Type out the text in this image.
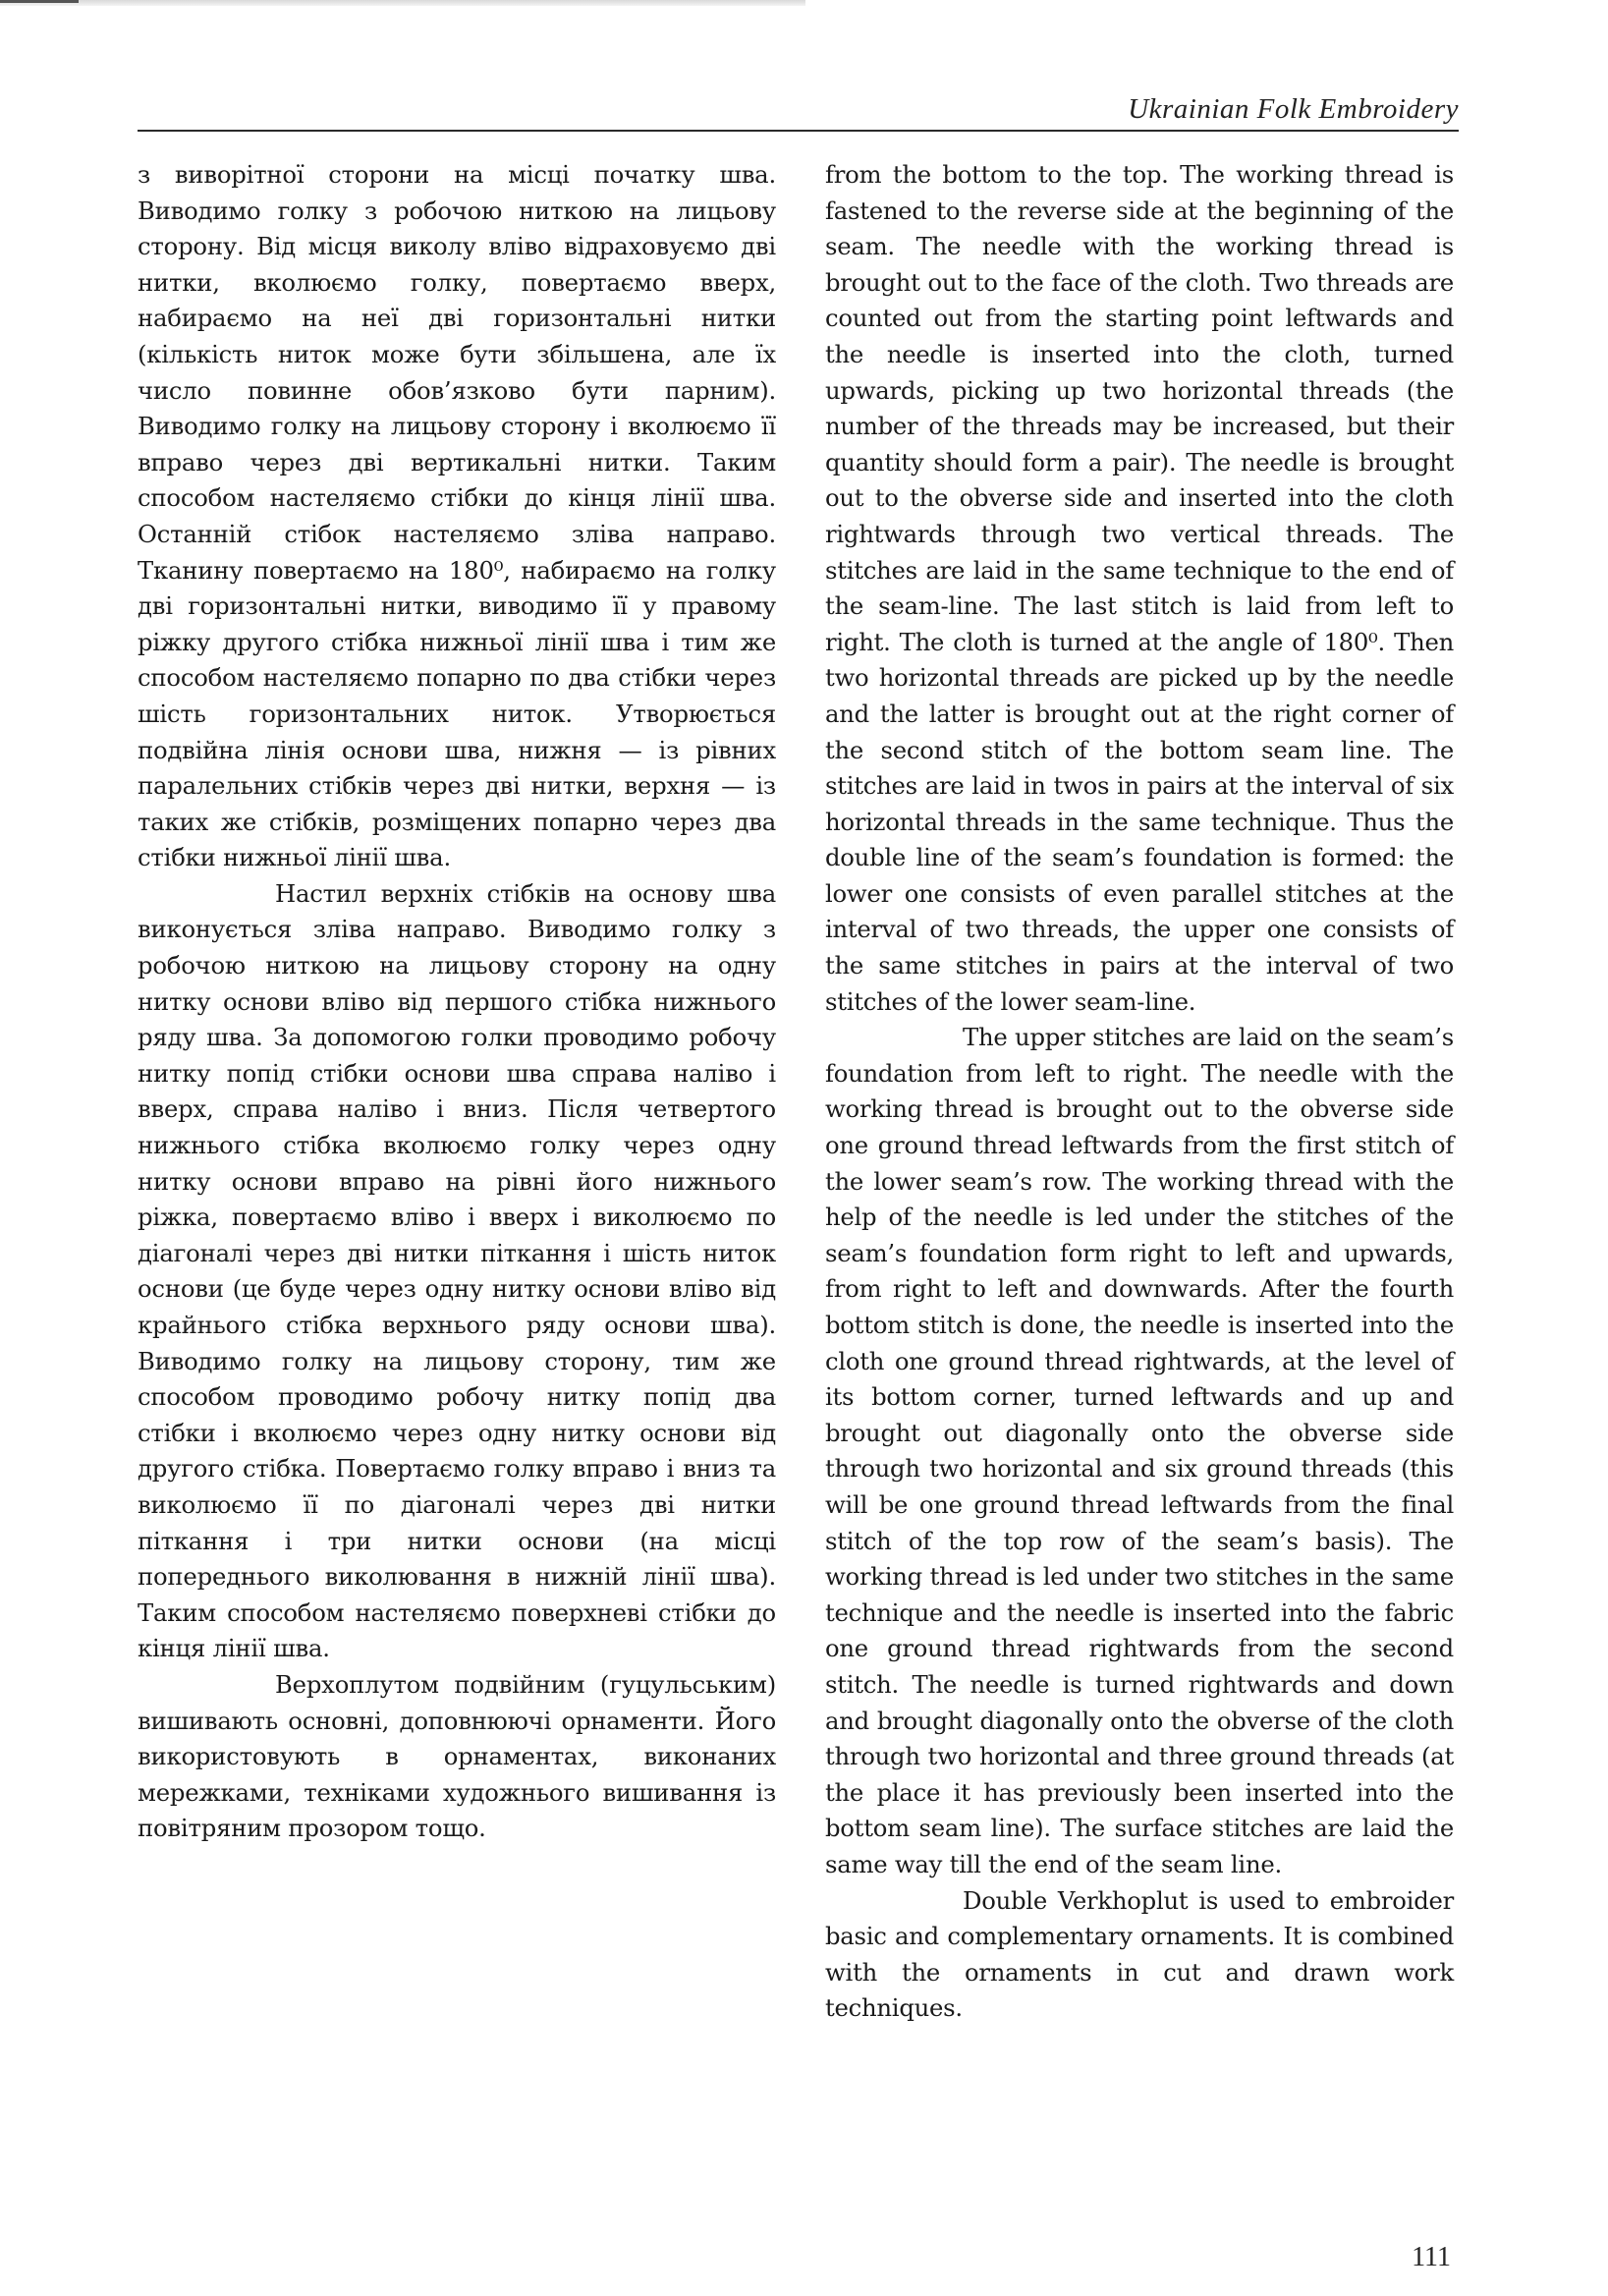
Ukrainian Folk Embroidery

з виворітної сторони на місці початку шва. Виводимо голку з робочою ниткою на лицьову сторону. Від місця виколу вліво відраховуємо дві нитки, вколюємо голку, повертаємо вверх, набираємо на неї дві горизонтальні нитки (кількість ниток може бути збільшена, але їх число повинне обов’язково бути парним). Виводимо голку на лицьову сторону і вколюємо її вправо через дві вертикальні нитки. Таким способом настеляємо стібки до кінця лінії шва. Останній стібок настеляємо зліва направо. Тканину повертаємо на 180⁰, набираємо на голку дві горизонтальні нитки, виводимо її у правому ріжку другого стібка нижньої лінії шва і тим же способом настеляємо попарно по два стібки через шість горизонтальних ниток. Утворюється подвійна лінія основи шва, нижня — із рівних паралельних стібків через дві нитки, верхня — із таких же стібків, розміщених попарно через два стібки нижньої лінії шва.

Настил верхніх стібків на основу шва виконується зліва направо. Виводимо голку з робочою ниткою на лицьову сторону на одну нитку основи вліво від першого стібка нижнього ряду шва. За допомогою голки проводимо робочу нитку попід стібки основи шва справа наліво і вверх, справа наліво і вниз. Після четвертого нижнього стібка вколюємо голку через одну нитку основи вправо на рівні його нижнього ріжка, повертаємо вліво і вверх і виколюємо по діагоналі через дві нитки піткання і шість ниток основи (це буде через одну нитку основи вліво від крайнього стібка верхнього ряду основи шва). Виводимо голку на лицьову сторону, тим же способом проводимо робочу нитку попід два стібки і вколюємо через одну нитку основи від другого стібка. Повертаємо голку вправо і вниз та виколюємо її по діагоналі через дві нитки піткання і три нитки основи (на місці попереднього виколювання в нижній лінії шва). Таким способом настеляємо поверхневі стібки до кінця лінії шва.

Верхоплутом подвійним (гуцульським) вишивають основні, доповнюючі орнаменти. Його використовують в орнаментах, виконаних мережками, техніками художнього вишивання із повітряним прозором тощо.

from the bottom to the top. The working thread is fastened to the reverse side at the beginning of the seam. The needle with the working thread is brought out to the face of the cloth. Two threads are counted out from the starting point leftwards and the needle is inserted into the cloth, turned upwards, picking up two horizontal threads (the number of the threads may be increased, but their quantity should form a pair). The needle is brought out to the obverse side and inserted into the cloth rightwards through two vertical threads. The stitches are laid in the same technique to the end of the seam-line. The last stitch is laid from left to right. The cloth is turned at the angle of 180⁰. Then two horizontal threads are picked up by the needle and the latter is brought out at the right corner of the second stitch of the bottom seam line. The stitches are laid in twos in pairs at the interval of six horizontal threads in the same technique. Thus the double line of the seam’s foundation is formed: the lower one consists of even parallel stitches at the interval of two threads, the upper one consists of the same stitches in pairs at the interval of two stitches of the lower seam-line.

The upper stitches are laid on the seam’s foundation from left to right. The needle with the working thread is brought out to the obverse side one ground thread leftwards from the first stitch of the lower seam’s row. The working thread with the help of the needle is led under the stitches of the seam’s foundation form right to left and upwards, from right to left and downwards. After the fourth bottom stitch is done, the needle is inserted into the cloth one ground thread rightwards, at the level of its bottom corner, turned leftwards and up and brought out diagonally onto the obverse side through two horizontal and six ground threads (this will be one ground thread leftwards from the final stitch of the top row of the seam’s basis). The working thread is led under two stitches in the same technique and the needle is inserted into the fabric one ground thread rightwards from the second stitch. The needle is turned rightwards and down and brought diagonally onto the obverse of the cloth through two horizontal and three ground threads (at the place it has previously been inserted into the bottom seam line). The surface stitches are laid the same way till the end of the seam line.

Double Verkhoplut is used to embroider basic and complementary ornaments. It is combined with the ornaments in cut and drawn work techniques.

111
